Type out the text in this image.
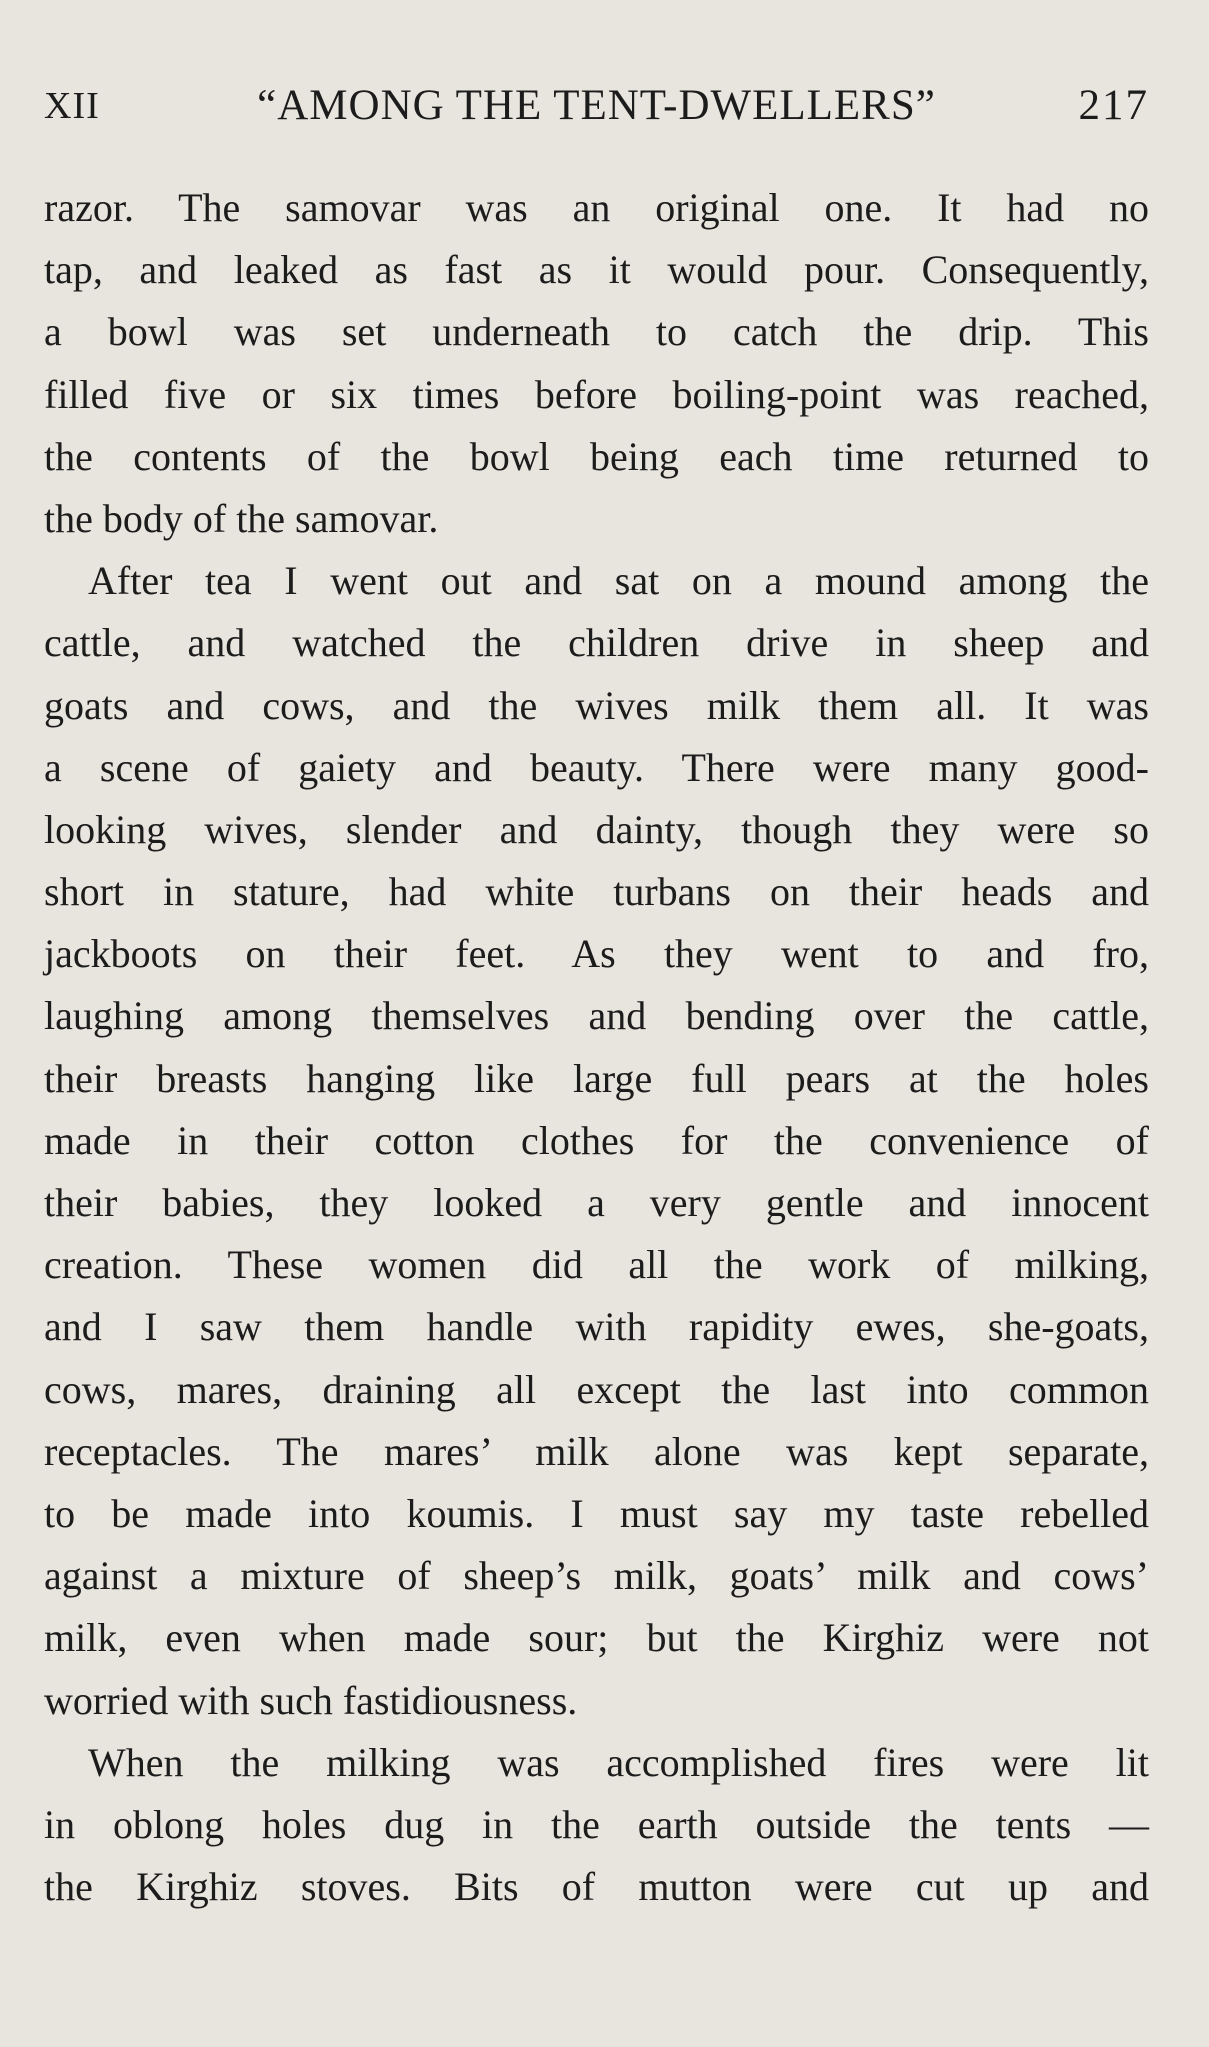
XII	“AMONG THE TENT-DWELLERS”	217
razor. The samovar was an original one. It had no
tap, and leaked as fast as it would pour. Consequently,
a bowl was set underneath to catch the drip. This
filled five or six times before boiling-point was reached,
the contents of the bowl being each time returned to
the body of the samovar.
After tea I went out and sat on a mound among the
cattle, and watched the children drive in sheep and
goats and cows, and the wives milk them all. It was
a scene of gaiety and beauty. There were many good-
looking wives, slender and dainty, though they were so
short in stature, had white turbans on their heads and
jackboots on their feet. As they went to and fro,
laughing among themselves and bending over the cattle,
their breasts hanging like large full pears at the holes
made in their cotton clothes for the convenience of
their babies, they looked a very gentle and innocent
creation. These women did all the work of milking,
and I saw them handle with rapidity ewes, she-goats,
cows, mares, draining all except the last into common
receptacles. The mares’ milk alone was kept separate,
to be made into koumis. I must say my taste rebelled
against a mixture of sheep’s milk, goats’ milk and cows’
milk, even when made sour; but the Kirghiz were not
worried with such fastidiousness.
When the milking was accomplished fires were lit
in oblong holes dug in the earth outside the tents —
the Kirghiz stoves. Bits of mutton were cut up and
